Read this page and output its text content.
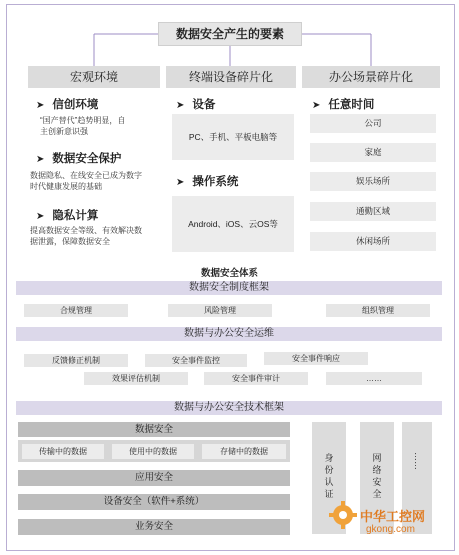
数据安全产生的要素
宏观环境	终端设备碎片化	办公场景碎片化
➤ 信创环境
“国产替代”趋势明显，自
主创新意识强
➤ 数据安全保护
数据隐私、在线安全已成为数字
时代健康发展的基础
➤ 隐私计算
提高数据安全等级、有效解决数
据泄露，保障数据安全
➤ 设备
PC、手机、平板电脑等
➤ 操作系统
Android、iOS、云OS等
➤ 任意时间
公司
家庭
娱乐场所
通勤区域
休闲场所
数据安全体系
数据安全制度框架
合规管理	风险管理	组织管理
数据与办公安全运维
反馈修正机制	安全事件监控	安全事件响应
效果评估机制	安全事件审计	……
数据与办公安全技术框架
数据安全
传输中的数据	使用中的数据	存储中的数据
应用安全
设备安全（软件+系统）
业务安全
身份认证
网络安全
……
中华工控网
gkong.com
